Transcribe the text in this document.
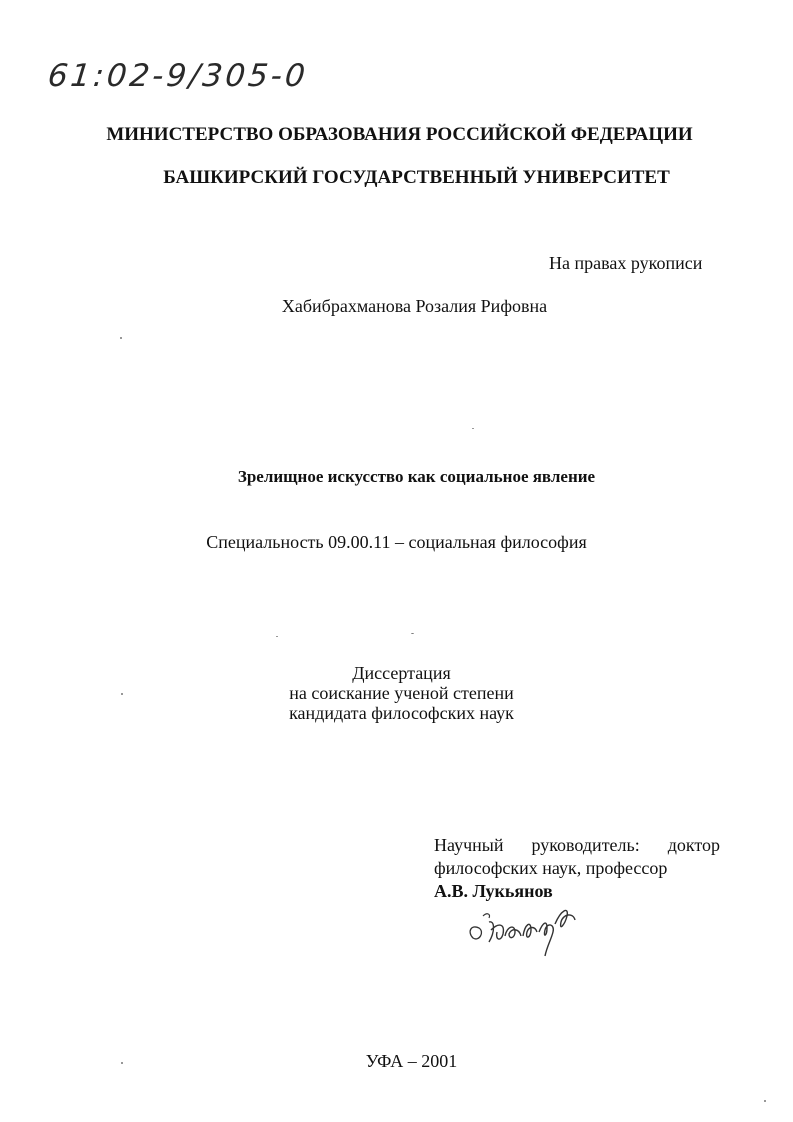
61:02-9/305-0
МИНИСТЕРСТВО ОБРАЗОВАНИЯ РОССИЙСКОЙ ФЕДЕРАЦИИ
БАШКИРСКИЙ ГОСУДАРСТВЕННЫЙ УНИВЕРСИТЕТ
На правах рукописи
Хабибрахманова Розалия Рифовна
Зрелищное искусство как социальное явление
Специальность 09.00.11 – социальная философия
Диссертация
на соискание ученой степени
кандидата философских наук
Научный руководитель: доктор
философских наук, профессор
А.В. Лукьянов
УФА – 2001
